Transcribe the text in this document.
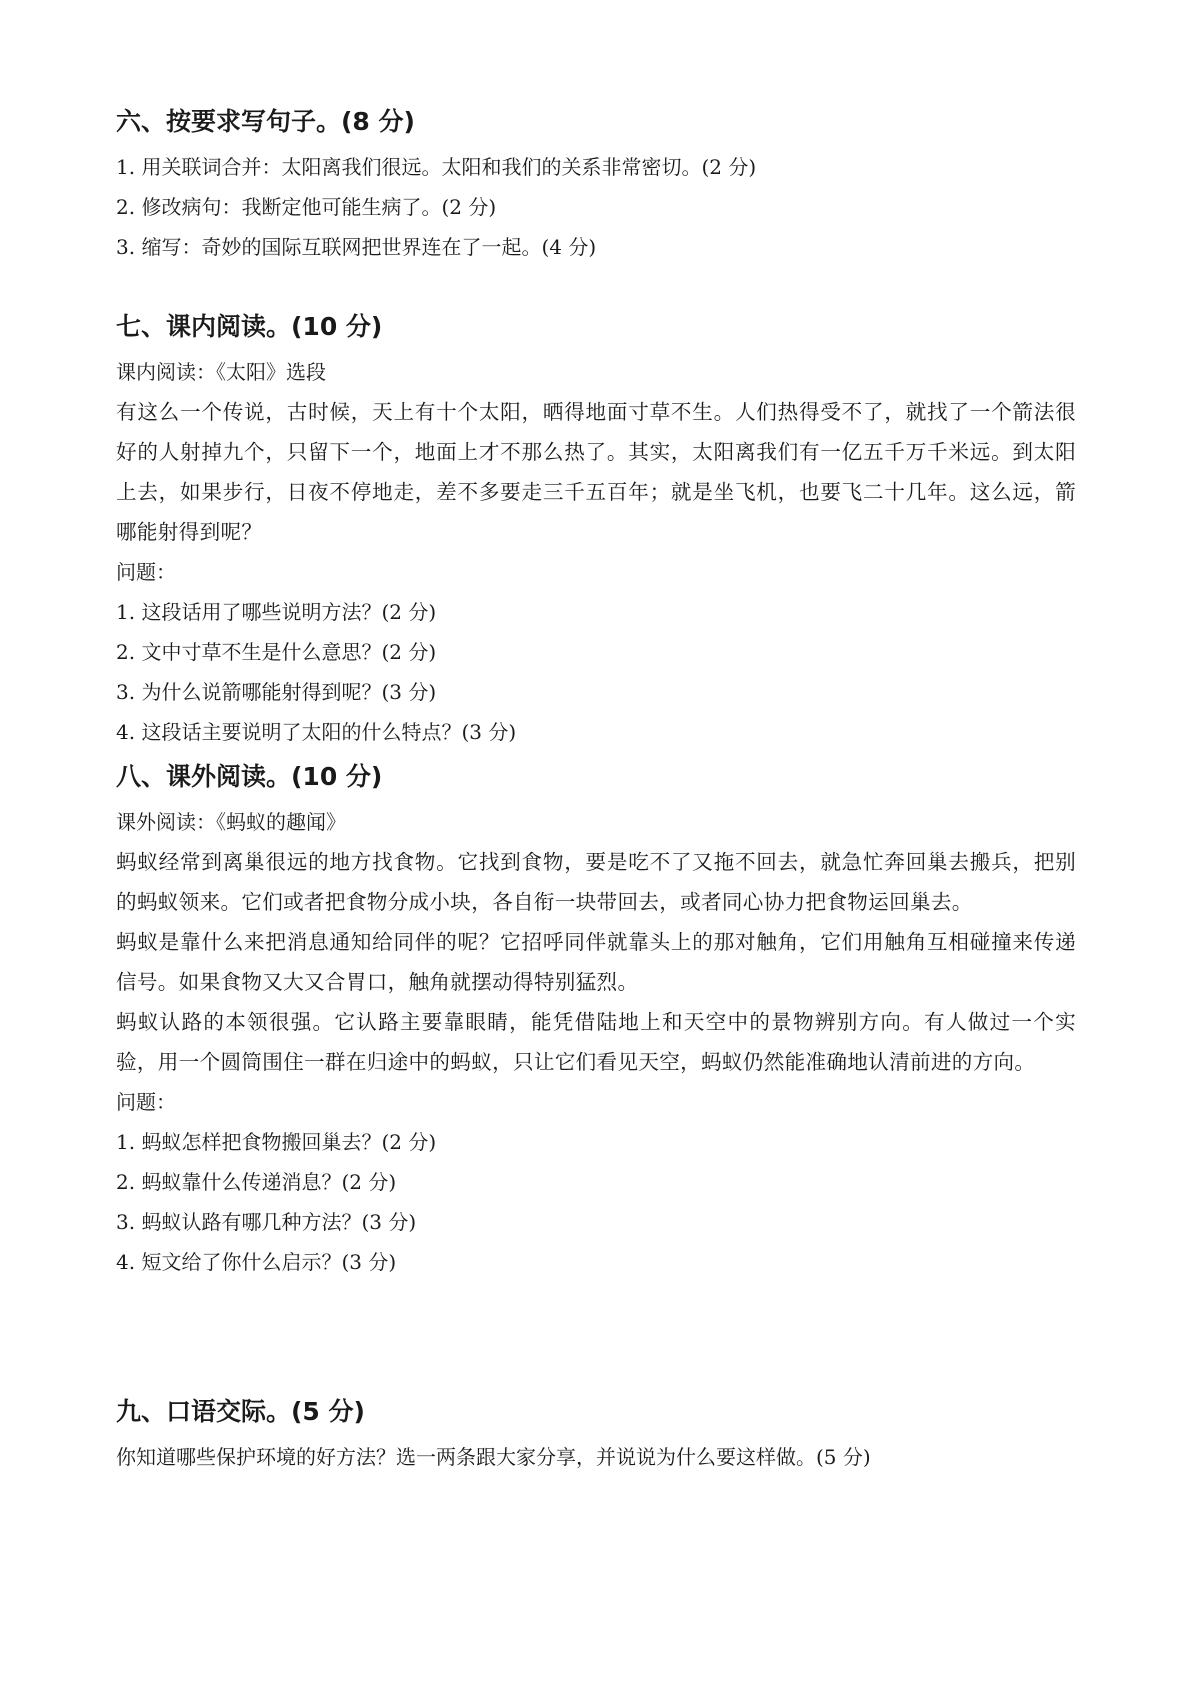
六、按要求写句子。(8 分)
1. 用关联词合并：太阳离我们很远。太阳和我们的关系非常密切。(2 分)
2. 修改病句：我断定他可能生病了。(2 分)
3. 缩写：奇妙的国际互联网把世界连在了一起。(4 分)
七、课内阅读。(10 分)
课内阅读：《太阳》选段

有这么一个传说，古时候，天上有十个太阳，晒得地面寸草不生。人们热得受不了，就找了一个箭法很好的人射掉九个，只留下一个，地面上才不那么热了。其实，太阳离我们有一亿五千万千米远。到太阳上去，如果步行，日夜不停地走，差不多要走三千五百年；就是坐飞机，也要飞二十几年。这么远，箭哪能射得到呢？

问题：
1. 这段话用了哪些说明方法？(2 分)
2. 文中寸草不生是什么意思？(2 分)
3. 为什么说箭哪能射得到呢？(3 分)
4. 这段话主要说明了太阳的什么特点？(3 分)
八、课外阅读。(10 分)
课外阅读：《蚂蚁的趣闻》

蚂蚁经常到离巢很远的地方找食物。它找到食物，要是吃不了又拖不回去，就急忙奔回巢去搬兵，把别的蚂蚁领来。它们或者把食物分成小块，各自衔一块带回去，或者同心协力把食物运回巢去。

蚂蚁是靠什么来把消息通知给同伴的呢？它招呼同伴就靠头上的那对触角，它们用触角互相碰撞来传递信号。如果食物又大又合胃口，触角就摆动得特别猛烈。

蚂蚁认路的本领很强。它认路主要靠眼睛，能凭借陆地上和天空中的景物辨别方向。有人做过一个实验，用一个圆筒围住一群在归途中的蚂蚁，只让它们看见天空，蚂蚁仍然能准确地认清前进的方向。

问题：
1. 蚂蚁怎样把食物搬回巢去？(2 分)
2. 蚂蚁靠什么传递消息？(2 分)
3. 蚂蚁认路有哪几种方法？(3 分)
4. 短文给了你什么启示？(3 分)
九、口语交际。(5 分)
你知道哪些保护环境的好方法？选一两条跟大家分享，并说说为什么要这样做。(5 分)
